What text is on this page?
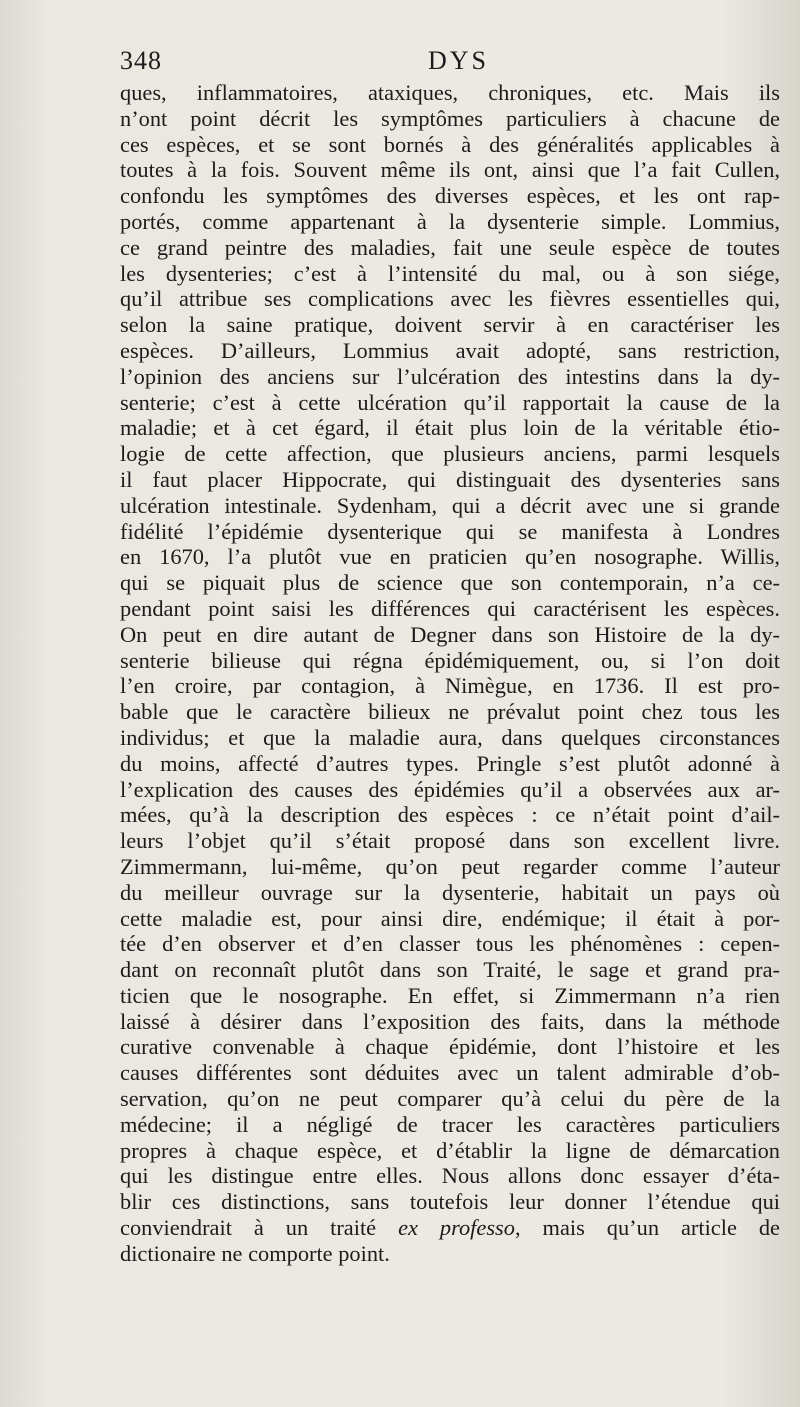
348	DYS
ques, inflammatoires, ataxiques, chroniques, etc. Mais ils
n’ont point décrit les symptômes particuliers à chacune de
ces espèces, et se sont bornés à des généralités applicables à
toutes à la fois. Souvent même ils ont, ainsi que l’a fait Cullen,
confondu les symptômes des diverses espèces, et les ont rap-
portés, comme appartenant à la dysenterie simple. Lommius,
ce grand peintre des maladies, fait une seule espèce de toutes
les dysenteries; c’est à l’intensité du mal, ou à son siége,
qu’il attribue ses complications avec les fièvres essentielles qui,
selon la saine pratique, doivent servir à en caractériser les
espèces. D’ailleurs, Lommius avait adopté, sans restriction,
l’opinion des anciens sur l’ulcération des intestins dans la dy-
senterie; c’est à cette ulcération qu’il rapportait la cause de la
maladie; et à cet égard, il était plus loin de la véritable étio-
logie de cette affection, que plusieurs anciens, parmi lesquels
il faut placer Hippocrate, qui distinguait des dysenteries sans
ulcération intestinale. Sydenham, qui a décrit avec une si grande
fidélité l’épidémie dysenterique qui se manifesta à Londres
en 1670, l’a plutôt vue en praticien qu’en nosographe. Willis,
qui se piquait plus de science que son contemporain, n’a ce-
pendant point saisi les différences qui caractérisent les espèces.
On peut en dire autant de Degner dans son Histoire de la dy-
senterie bilieuse qui régna épidémiquement, ou, si l’on doit
l’en croire, par contagion, à Nimègue, en 1736. Il est pro-
bable que le caractère bilieux ne prévalut point chez tous les
individus; et que la maladie aura, dans quelques circonstances
du moins, affecté d’autres types. Pringle s’est plutôt adonné à
l’explication des causes des épidémies qu’il a observées aux ar-
mées, qu’à la description des espèces : ce n’était point d’ail-
leurs l’objet qu’il s’était proposé dans son excellent livre.
Zimmermann, lui-même, qu’on peut regarder comme l’auteur
du meilleur ouvrage sur la dysenterie, habitait un pays où
cette maladie est, pour ainsi dire, endémique; il était à por-
tée d’en observer et d’en classer tous les phénomènes : cepen-
dant on reconnaît plutôt dans son Traité, le sage et grand pra-
ticien que le nosographe. En effet, si Zimmermann n’a rien
laissé à désirer dans l’exposition des faits, dans la méthode
curative convenable à chaque épidémie, dont l’histoire et les
causes différentes sont déduites avec un talent admirable d’ob-
servation, qu’on ne peut comparer qu’à celui du père de la
médecine; il a négligé de tracer les caractères particuliers
propres à chaque espèce, et d’établir la ligne de démarcation
qui les distingue entre elles. Nous allons donc essayer d’éta-
blir ces distinctions, sans toutefois leur donner l’étendue qui
conviendrait à un traité ex professo, mais qu’un article de
dictionaire ne comporte point.
